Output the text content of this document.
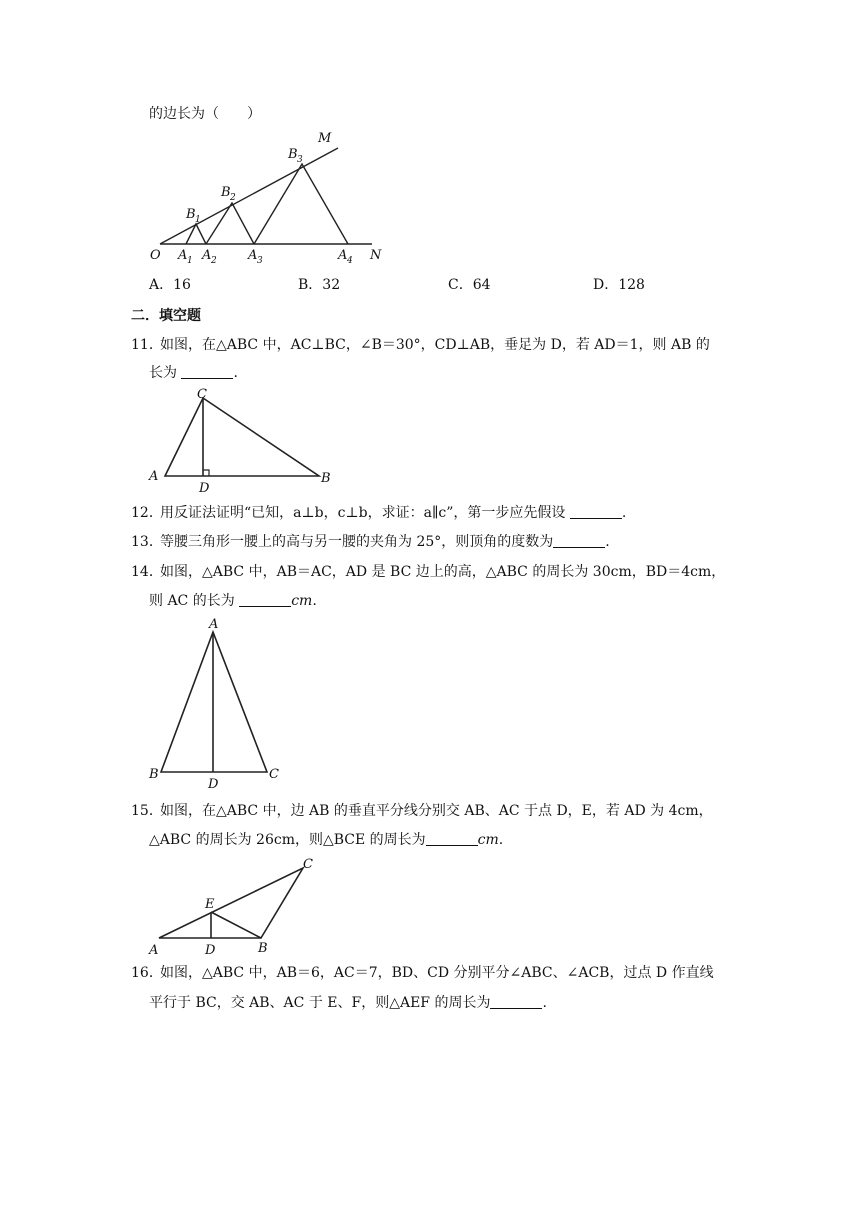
的边长为（　　）
O	N
M
A 1 A 2 A 3	A 4
B 1
B 2
B 3
A．16	B．32	C．64	D．128
二．填空题
11．
如图，在△ABC 中，AC⊥BC，∠B＝30°，CD⊥AB，垂足为 D，若 AD＝1，则 AB 的
长为	.
A
C
B
D
12．
用反证法证明“已知，a⊥b，c⊥b，求证：a∥c”，第一步应先假设	.
13．
等腰三角形一腰上的高与另一腰的夹角为 25°，则顶角的度数为	.
14．
如图，△ABC 中，AB＝AC，AD 是 BC 边上的高，△ABC 的周长为 30cm，BD＝4cm，
则 AC 的长为	cm.
A
B	C
D
15．
如图，在△ABC 中，边 AB 的垂直平分线分别交 AB、AC 于点 D，E，若 AD 为 4cm，
△ABC 的周长为 26cm，则△BCE 的周长为	cm.
A	D	B
E
C
16．
如图，△ABC 中，AB＝6，AC＝7，BD、CD 分别平分∠ABC、∠ACB，过点 D 作直线
平行于 BC，交 AB、AC 于 E、F，则△AEF 的周长为	.
